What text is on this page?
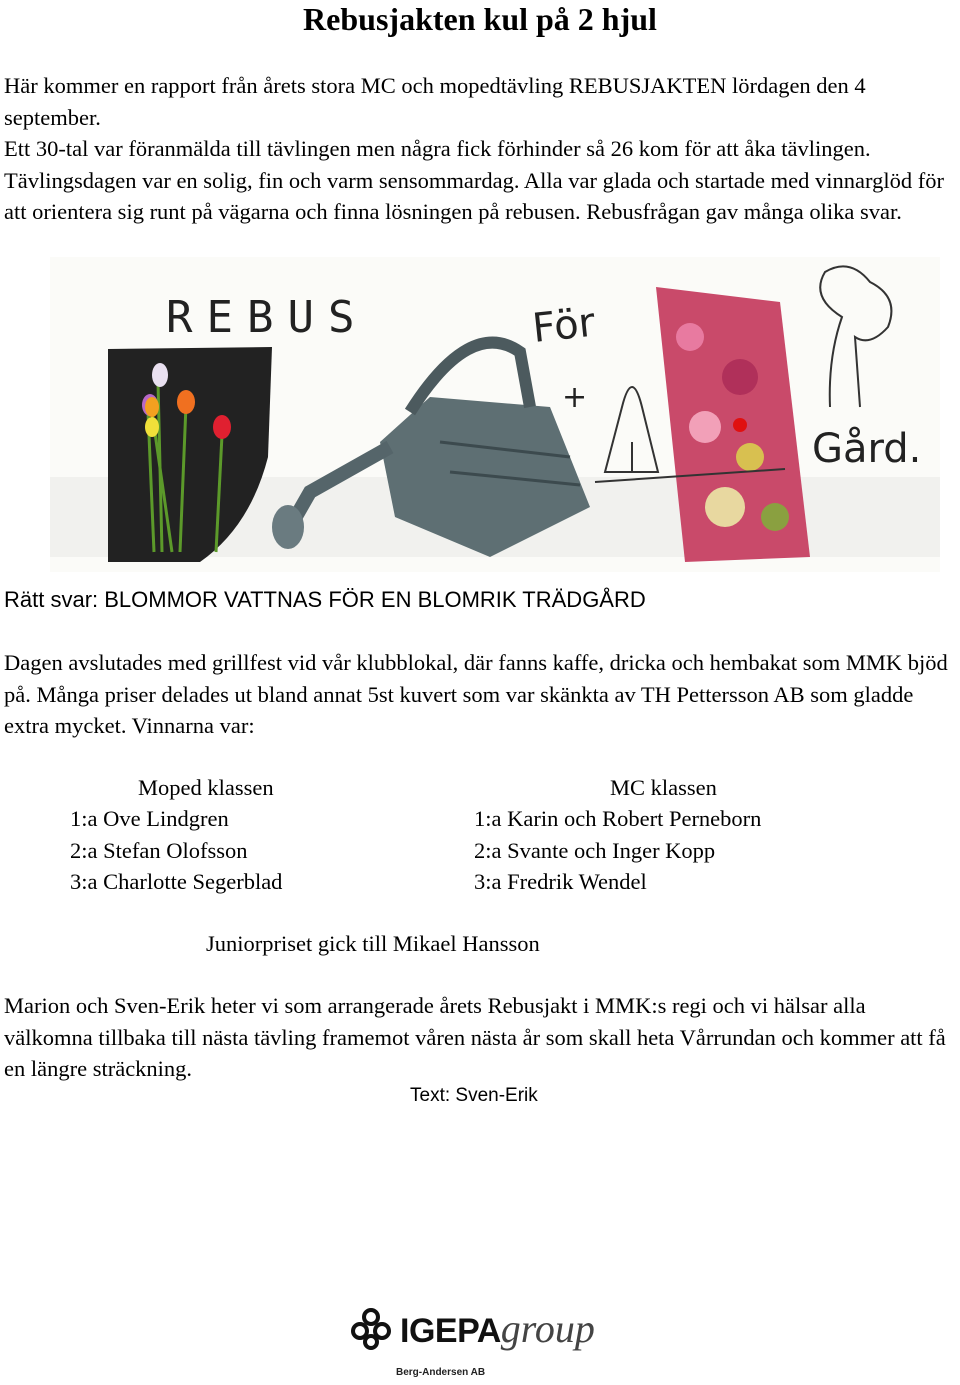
Rebusjakten kul på 2 hjul
Här kommer en rapport från årets stora MC och mopedtävling REBUSJAKTEN lördagen den 4 september.
Ett 30-tal var föranmälda till tävlingen men några fick förhinder så 26 kom för att åka tävlingen. Tävlingsdagen var en solig, fin och varm sensommardag. Alla var glada och startade med vinnarglöd för att orientera sig runt på vägarna och finna lösningen på rebusen. Rebusfrågan gav många olika svar.
REBUS	För
+
Gård.
Rätt svar: BLOMMOR VATTNAS FÖR EN BLOMRIK TRÄDGÅRD
Dagen avslutades med grillfest vid vår klubblokal, där fanns kaffe, dricka och hembakat som MMK bjöd på. Många priser delades ut bland annat 5st kuvert som var skänkta av TH Pettersson AB som gladde extra mycket. Vinnarna var:
Moped klassen
1:a Ove Lindgren
2:a Stefan Olofsson
3:a Charlotte Segerblad
MC klassen
1:a Karin och Robert Perneborn
2:a Svante och Inger Kopp
3:a Fredrik Wendel
Juniorpriset gick till Mikael Hansson
Marion och Sven-Erik heter vi som arrangerade årets Rebusjakt i MMK:s regi och vi hälsar alla välkomna tillbaka till nästa tävling framemot våren nästa år som skall heta Vårrundan och kommer att få en längre sträckning.
Text: Sven-Erik
IGEPAgroup
Berg-Andersen AB
